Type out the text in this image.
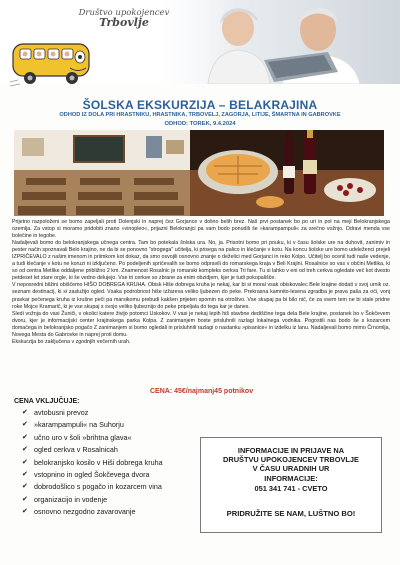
Društvo upokojencev
Trbovlje
ŠOLSKA EKSKURZIJA – BELAKRAJINA
ODHOD IZ DOLA PRI HRASTNIKU, HRASTNIKA, TRBOVELJ, ZAGORJA, LITIJE, ŠMARTNA IN GABROVKE
ODHOD: TOREK, 9.4.2024

Prijetno razpoloženi se bomo zapeljali proti Dolenjski in naprej čez Gorjance v dolino belih brez. Naš prvi postanek bo po uri in pol na meji Belokranjskega ozemlja. Za vstop si moramo pridobiti znano »vinopleo«, prijazni Belokranjci pa vam bodo ponudili še »karampampuli« za srečno vožnjo. Odravi menda vse bolečine in tegobe.

Nadaljevali bomo do belokranjskega učnega centra. Tam bo potekala šolska ura. No, ja. Prisotni bomo pri pouku, ki v času šolske ure na duhovit, zanimiv in pester način spoznavali Belo krajino, ne da bi se ponovno "strogega" učitelja, ki prisega na palico in klečanje v kotu. Na koncu šolske ure bomo udeleženci prejeli IZPRIČEVALO z našim imenom in priimkom kot dokaz, da smo osvojili osnovno znanje o deželici med Gorjanci in reko Kolpo. Učitelj bo ocenil tudi naše vedenje, a tudi klečanje v kotu ne koruzi ni izključeno. Po podeljenih spričevalih se bomo odpravili do romarskega kraja v Beli Krajini. Rosalnice so vas v občini Metlika, ki so od centra Metlike oddaljene približno 2 km. Znamenost Rosalnic je romarski kompleks cerkva Tri fare. Tu si lahko v eni od treh cerkva ogledate več kot dvesto petdeset let stare orgle, ki še vedno delujejo. Vse tri cerkve so zbrane za enim obzidjem, kjer je tudi pokopališče.

V neposredni bližini obiščemo HIŠO DOBREGA KRUHA. Obisk Hiše dobrega kruha je nekaj, kar bi si moral vsak obiskovalec Bele krajine dodati v svoj urnik oz. seznam destinacij, ki si zaslužijo ogled. Vsaka podrobnost hiše izžareva veliko ljubezen do peke. Prekrasna kamnito-lesena zgradba je prava paša za oči, vonj pravkar pečenega kruha iz krušne peči pa marsikomu prebudi kakšen prijeten spomin na otroštvo. Vse skupaj pa bi bilo nič, če za vsem tem ne bi stale pridne roke Mojce Kramarič, ki je vse skupaj s svojo veliko ljubeznijo do peke pripeljala do tega kar je danes.

Sledi vožnja do vasi Žuniči, v okolici katere živijo potomci Uskokov. V vasi je nekaj lepih hiš stavbne dediščine tega dela Bele krajine, postanek bo v Šokčevem dvoru, kjer je informacijski center krajinskega parka Kolpa. Z zanimanjem boste prisluhnili razlagi lokalnega vodnika. Pogostili nas bodo še s kozarcem domačega in belokranjsko pogačo Z zanimanjem si bomo ogledali in prisluhnili razlagi o nastanku »pisanice« in izdelku iz lanu. Nadaljevali bomo mimo Črnomlja, Novega Mesta do Gabrovke in naprej proti domu.

Ekskurzija bo zaključena v zgodnjih večernih urah.

CENA: 45€/najmanj45 potnikov
CENA VKLJUČUJE:
✔ avtobusni prevoz
✔ »karampampuli« na Suhorju
✔ učno uro v šoli »brihtna glava«
✔ ogled cerkva v Rosalnicah
✔ belokranjsko kosilo v Hiši dobrega kruha
✔ vstopnino in ogled Šokčevega dvora
✔ dobrodošlico s pogačo in kozarcem vina
✔ organizacijo in vodenje
✔ osnovno nezgodno zavarovanje
INFORMACIJE IN PRIJAVE NA
DRUŠTVU UPOKOJENCEV TRBOVLJE
V ČASU URADNIH UR
INFORMACIJE:
051 341 741 - CVETO
PRIDRUŽITE SE NAM, LUŠTNO BO!
